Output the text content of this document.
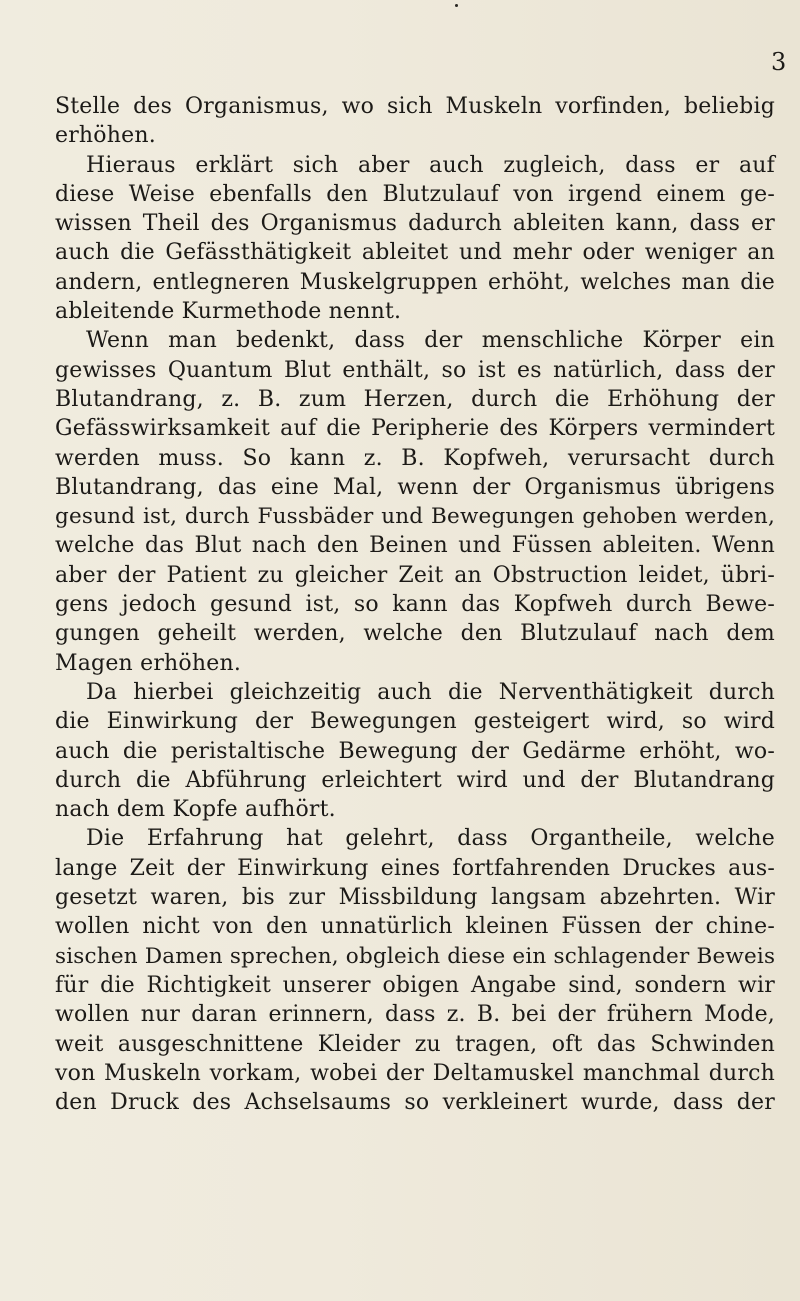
3
Stelle des Organismus, wo sich Muskeln vorfinden, beliebig
erhöhen.
Hieraus erklärt sich aber auch zugleich, dass er auf
diese Weise ebenfalls den Blutzulauf von irgend einem ge-
wissen Theil des Organismus dadurch ableiten kann, dass er
auch die Gefässthätigkeit ableitet und mehr oder weniger an
andern, entlegneren Muskelgruppen erhöht, welches man die
ableitende Kurmethode nennt.
Wenn man bedenkt, dass der menschliche Körper ein
gewisses Quantum Blut enthält, so ist es natürlich, dass der
Blutandrang, z. B. zum Herzen, durch die Erhöhung der
Gefässwirksamkeit auf die Peripherie des Körpers vermindert
werden muss. So kann z. B. Kopfweh, verursacht durch
Blutandrang, das eine Mal, wenn der Organismus übrigens
gesund ist, durch Fussbäder und Bewegungen gehoben werden,
welche das Blut nach den Beinen und Füssen ableiten. Wenn
aber der Patient zu gleicher Zeit an Obstruction leidet, übri-
gens jedoch gesund ist, so kann das Kopfweh durch Bewe-
gungen geheilt werden, welche den Blutzulauf nach dem
Magen erhöhen.
Da hierbei gleichzeitig auch die Nerventhätigkeit durch
die Einwirkung der Bewegungen gesteigert wird, so wird
auch die peristaltische Bewegung der Gedärme erhöht, wo-
durch die Abführung erleichtert wird und der Blutandrang
nach dem Kopfe aufhört.
Die Erfahrung hat gelehrt, dass Organtheile, welche
lange Zeit der Einwirkung eines fortfahrenden Druckes aus-
gesetzt waren, bis zur Missbildung langsam abzehrten. Wir
wollen nicht von den unnatürlich kleinen Füssen der chine-
sischen Damen sprechen, obgleich diese ein schlagender Beweis
für die Richtigkeit unserer obigen Angabe sind, sondern wir
wollen nur daran erinnern, dass z. B. bei der frühern Mode,
weit ausgeschnittene Kleider zu tragen, oft das Schwinden
von Muskeln vorkam, wobei der Deltamuskel manchmal durch
den Druck des Achselsaums so verkleinert wurde, dass der
